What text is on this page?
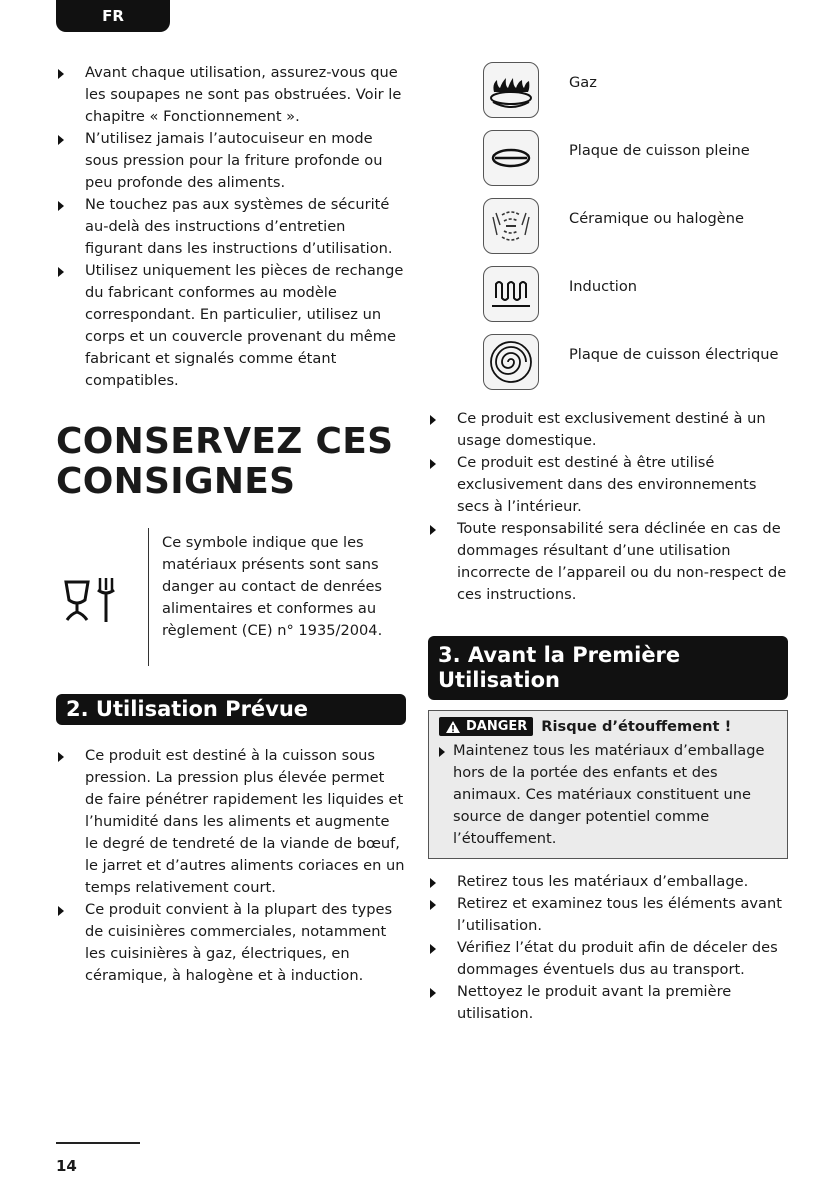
FR
Avant chaque utilisation, assurez-vous que les soupapes ne sont pas obstruées. Voir le chapitre « Fonctionnement ».
N’utilisez jamais l’autocuiseur en mode sous pression pour la friture profonde ou peu profonde des aliments.
Ne touchez pas aux systèmes de sécurité au-delà des instructions d’entretien figurant dans les instructions d’utilisation.
Utilisez uniquement les pièces de rechange du fabricant conformes au modèle correspondant. En particulier, utilisez un corps et un couvercle provenant du même fabricant et signalés comme étant compatibles.
CONSERVEZ CES
CONSIGNES
Ce symbole indique que les matériaux présents sont sans danger au contact de denrées alimentaires et conformes au règlement (CE) n° 1935/2004.
2. Utilisation Prévue
Ce produit est destiné à la cuisson sous pression. La pression plus élevée permet de faire pénétrer rapidement les liquides et l’humidité dans les aliments et augmente le degré de tendreté de la viande de bœuf, le jarret et d’autres aliments coriaces en un temps relativement court.
Ce produit convient à la plupart des types de cuisinières commerciales, notamment les cuisinières à gaz, électriques, en céramique, à halogène et à induction.
Gaz
Plaque de cuisson pleine
Céramique ou halogène
Induction
Plaque de cuisson électrique
Ce produit est exclusivement destiné à un usage domestique.
Ce produit est destiné à être utilisé exclusivement dans des environnements secs à l’intérieur.
Toute responsabilité sera déclinée en cas de dommages résultant d’une utilisation incorrecte de l’appareil ou du non-respect de ces instructions.
3. Avant la Première
Utilisation
DANGER Risque d’étouffement !
Maintenez tous les matériaux d’emballage hors de la portée des enfants et des animaux. Ces matériaux constituent une source de danger potentiel comme l’étouffement.
Retirez tous les matériaux d’emballage.
Retirez et examinez tous les éléments avant l’utilisation.
Vérifiez l’état du produit afin de déceler des dommages éventuels dus au transport.
Nettoyez le produit avant la première utilisation.
14
